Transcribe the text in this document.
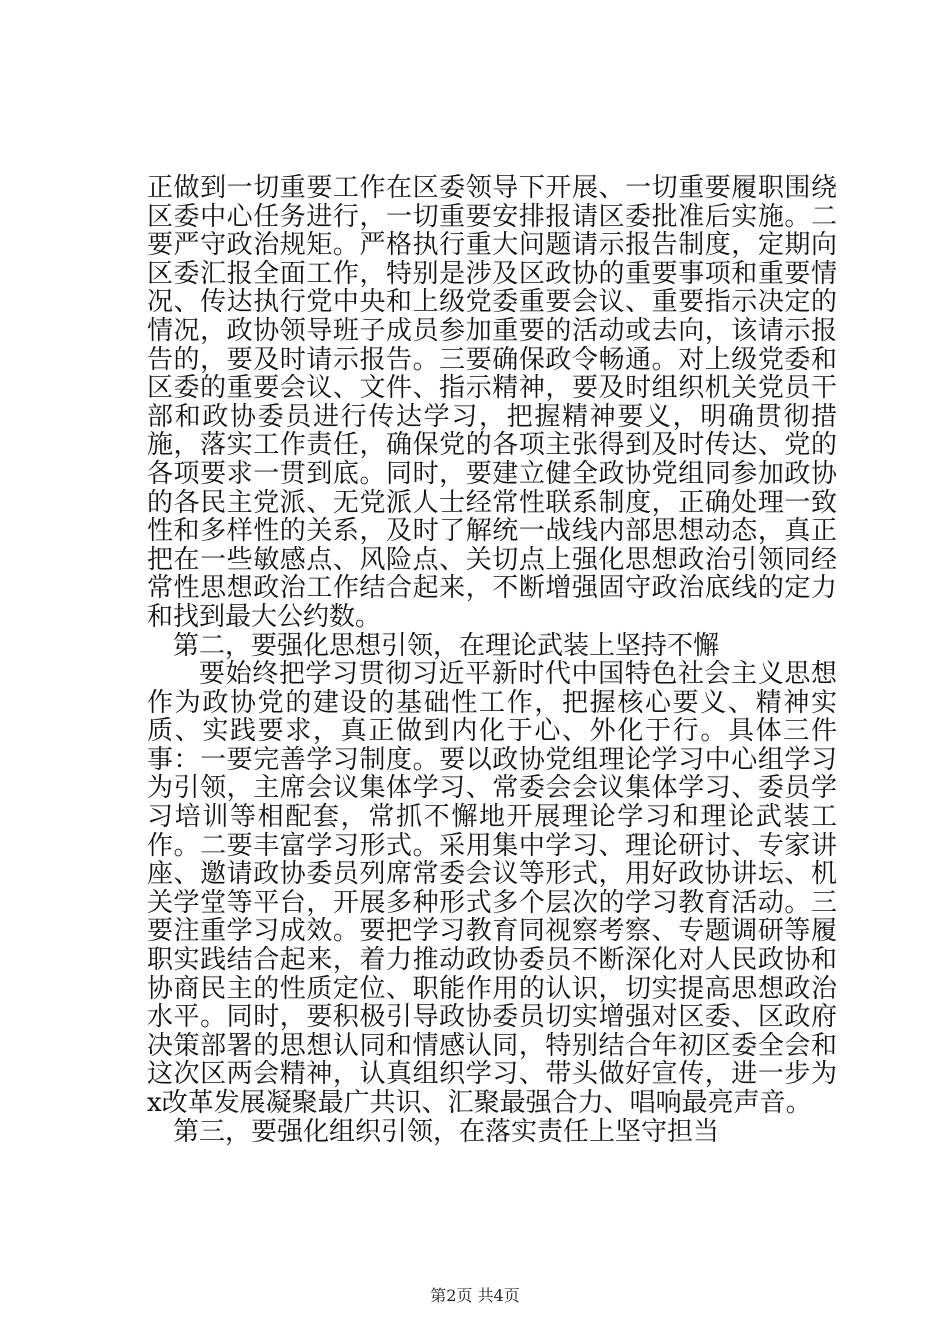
正做到一切重要工作在区委领导下开展、一切重要履职围绕区委中心任务进行，一切重要安排报请区委批准后实施。二要严守政治规矩。严格执行重大问题请示报告制度，定期向区委汇报全面工作，特别是涉及区政协的重要事项和重要情况、传达执行党中央和上级党委重要会议、重要指示决定的情况，政协领导班子成员参加重要的活动或去向，该请示报告的，要及时请示报告。三要确保政令畅通。对上级党委和区委的重要会议、文件、指示精神，要及时组织机关党员干部和政协委员进行传达学习，把握精神要义，明确贯彻措施，落实工作责任，确保党的各项主张得到及时传达、党的各项要求一贯到底。同时，要建立健全政协党组同参加政协的各民主党派、无党派人士经常性联系制度，正确处理一致性和多样性的关系，及时了解统一战线内部思想动态，真正把在一些敏感点、风险点、关切点上强化思想政治引领同经常性思想政治工作结合起来，不断增强固守政治底线的定力和找到最大公约数。

第二，要强化思想引领，在理论武装上坚持不懈

要始终把学习贯彻习近平新时代中国特色社会主义思想作为政协党的建设的基础性工作，把握核心要义、精神实质、实践要求，真正做到内化于心、外化于行。具体三件事：一要完善学习制度。要以政协党组理论学习中心组学习为引领，主席会议集体学习、常委会会议集体学习、委员学习培训等相配套，常抓不懈地开展理论学习和理论武装工作。二要丰富学习形式。采用集中学习、理论研讨、专家讲座、邀请政协委员列席常委会议等形式，用好政协讲坛、机关学堂等平台，开展多种形式多个层次的学习教育活动。三要注重学习成效。要把学习教育同视察考察、专题调研等履职实践结合起来，着力推动政协委员不断深化对人民政协和协商民主的性质定位、职能作用的认识，切实提高思想政治水平。同时，要积极引导政协委员切实增强对区委、区政府决策部署的思想认同和情感认同，特别结合年初区委全会和这次区两会精神，认真组织学习、带头做好宣传，进一步为x改革发展凝聚最广共识、汇聚最强合力、唱响最亮声音。

第三，要强化组织引领，在落实责任上坚守担当

第2页 共4页
